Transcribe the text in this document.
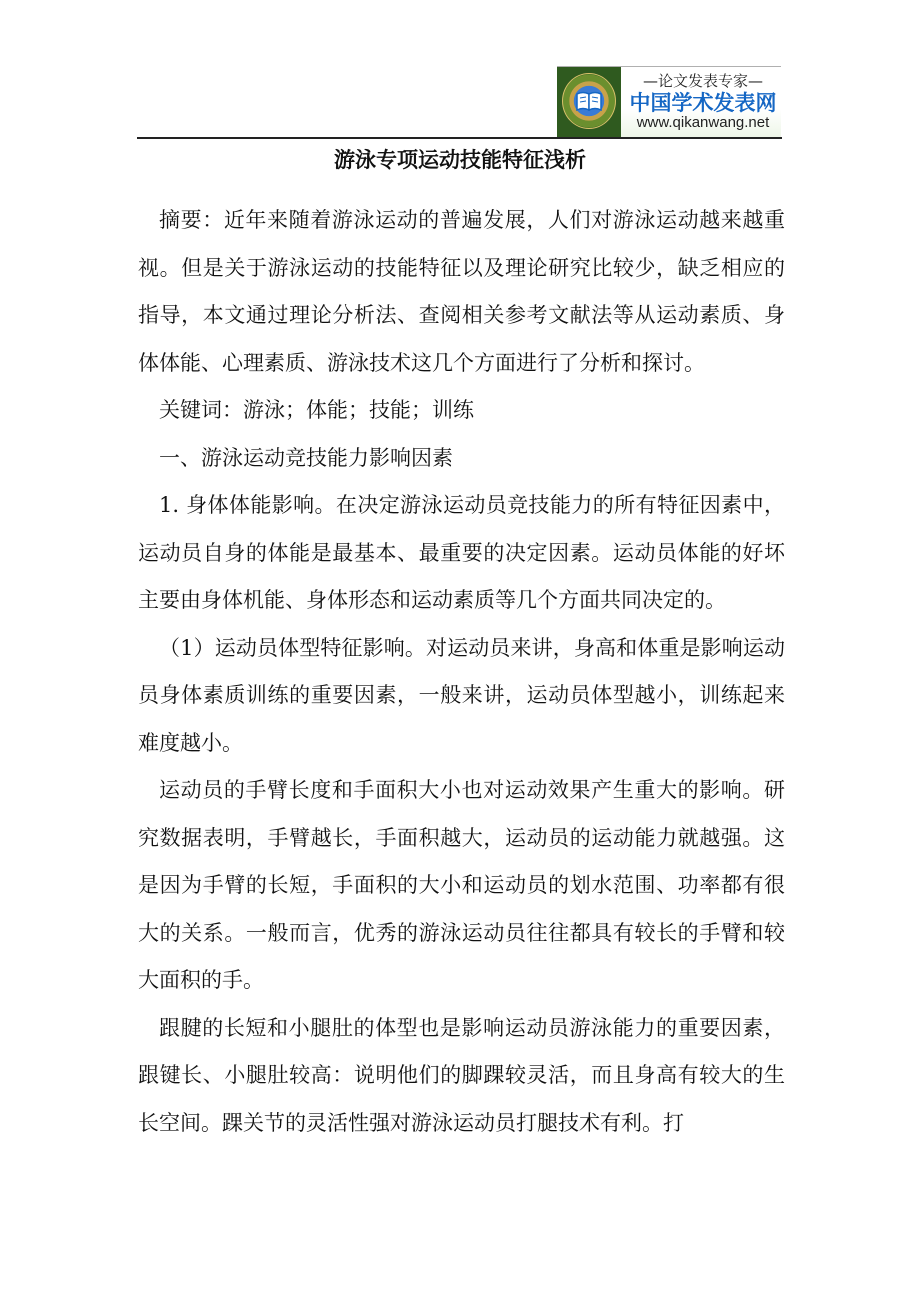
—论文发表专家—
中国学术发表网
www.qikanwang.net
游泳专项运动技能特征浅析

摘要：近年来随着游泳运动的普遍发展，人们对游泳运动越来越重视。但是关于游泳运动的技能特征以及理论研究比较少，缺乏相应的指导，本文通过理论分析法、查阅相关参考文献法等从运动素质、身体体能、心理素质、游泳技术这几个方面进行了分析和探讨。

关键词：游泳；体能；技能；训练

一、游泳运动竞技能力影响因素

1. 身体体能影响。在决定游泳运动员竞技能力的所有特征因素中，运动员自身的体能是最基本、最重要的决定因素。运动员体能的好坏主要由身体机能、身体形态和运动素质等几个方面共同决定的。

（1）运动员体型特征影响。对运动员来讲，身高和体重是影响运动员身体素质训练的重要因素，一般来讲，运动员体型越小，训练起来难度越小。

运动员的手臂长度和手面积大小也对运动效果产生重大的影响。研究数据表明，手臂越长，手面积越大，运动员的运动能力就越强。这是因为手臂的长短，手面积的大小和运动员的划水范围、功率都有很大的关系。一般而言，优秀的游泳运动员往往都具有较长的手臂和较大面积的手。

跟腱的长短和小腿肚的体型也是影响运动员游泳能力的重要因素，跟键长、小腿肚较高：说明他们的脚踝较灵活，而且身高有较大的生长空间。踝关节的灵活性强对游泳运动员打腿技术有利。打
